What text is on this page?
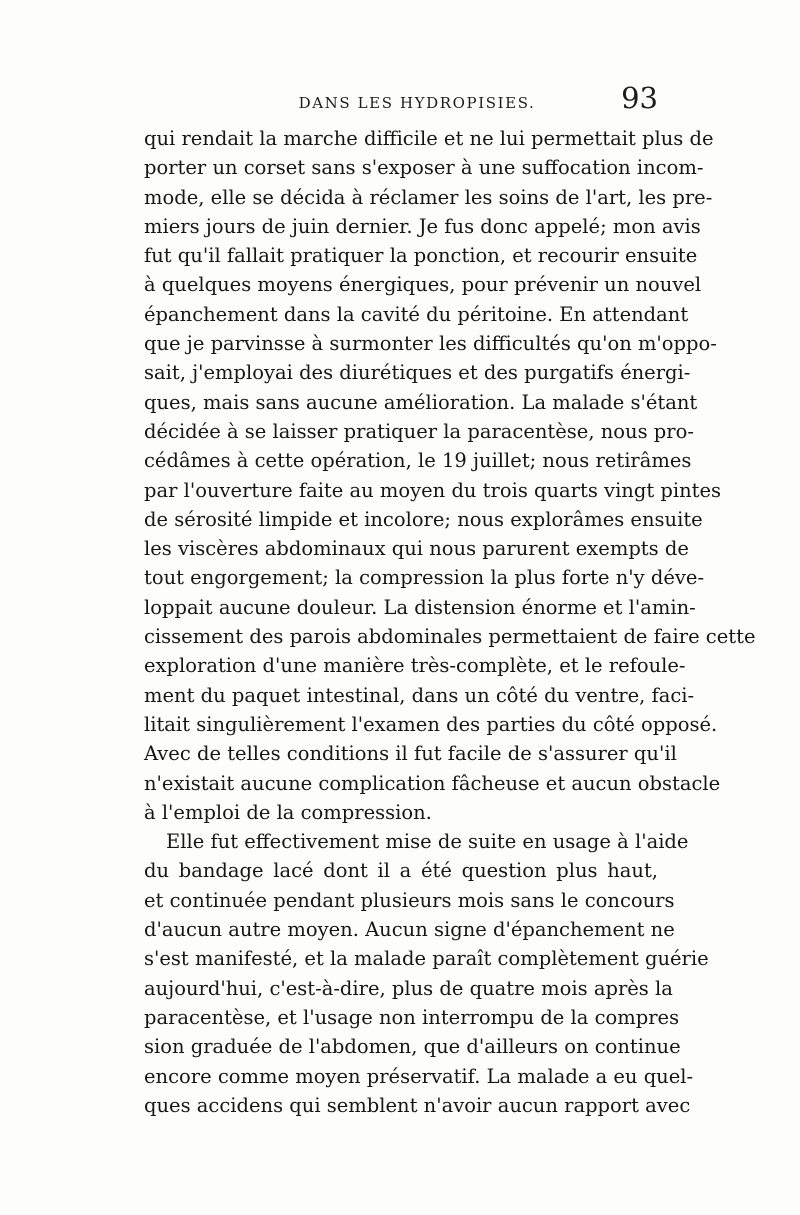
DANS LES HYDROPISIES.	93
qui rendait la marche difficile et ne lui permettait plus de
porter un corset sans s'exposer à une suffocation incom-
mode, elle se décida à réclamer les soins de l'art, les pre-
miers jours de juin dernier. Je fus donc appelé; mon avis
fut qu'il fallait pratiquer la ponction, et recourir ensuite
à quelques moyens énergiques, pour prévenir un nouvel
épanchement dans la cavité du péritoine. En attendant
que je parvinsse à surmonter les difficultés qu'on m'oppo-
sait, j'employai des diurétiques et des purgatifs énergi-
ques, mais sans aucune amélioration. La malade s'étant
décidée à se laisser pratiquer la paracentèse, nous pro-
cédâmes à cette opération, le 19 juillet; nous retirâmes
par l'ouverture faite au moyen du trois quarts vingt pintes
de sérosité limpide et incolore; nous explorâmes ensuite
les viscères abdominaux qui nous parurent exempts de
tout engorgement; la compression la plus forte n'y déve-
loppait aucune douleur. La distension énorme et l'amin-
cissement des parois abdominales permettaient de faire cette
exploration d'une manière très-complète, et le refoule-
ment du paquet intestinal, dans un côté du ventre, faci-
litait singulièrement l'examen des parties du côté opposé.
Avec de telles conditions il fut facile de s'assurer qu'il
n'existait aucune complication fâcheuse et aucun obstacle
à l'emploi de la compression.
Elle fut effectivement mise de suite en usage à l'aide
du bandage lacé dont il a été question plus haut,
et continuée pendant plusieurs mois sans le concours
d'aucun autre moyen. Aucun signe d'épanchement ne
s'est manifesté, et la malade paraît complètement guérie
aujourd'hui, c'est-à-dire, plus de quatre mois après la
paracentèse, et l'usage non interrompu de la compres
sion graduée de l'abdomen, que d'ailleurs on continue
encore comme moyen préservatif. La malade a eu quel-
ques accidens qui semblent n'avoir aucun rapport avec
